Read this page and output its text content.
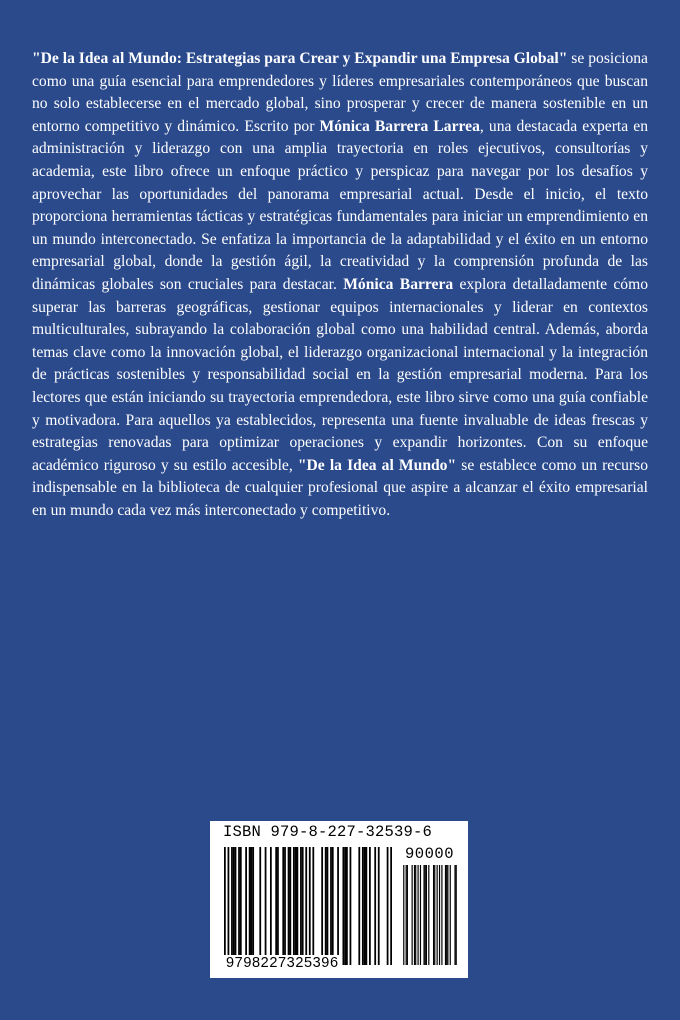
"De la Idea al Mundo: Estrategias para Crear y Expandir una Empresa Global" se posiciona como una guía esencial para emprendedores y líderes empresariales contemporáneos que buscan no solo establecerse en el mercado global, sino prosperar y crecer de manera sostenible en un entorno competitivo y dinámico. Escrito por Mónica Barrera Larrea, una destacada experta en administración y liderazgo con una amplia trayectoria en roles ejecutivos, consultorías y academia, este libro ofrece un enfoque práctico y perspicaz para navegar por los desafíos y aprovechar las oportunidades del panorama empresarial actual. Desde el inicio, el texto proporciona herramientas tácticas y estratégicas fundamentales para iniciar un emprendimiento en un mundo interconectado. Se enfatiza la importancia de la adaptabilidad y el éxito en un entorno empresarial global, donde la gestión ágil, la creatividad y la comprensión profunda de las dinámicas globales son cruciales para destacar. Mónica Barrera explora detalladamente cómo superar las barreras geográficas, gestionar equipos internacionales y liderar en contextos multiculturales, subrayando la colaboración global como una habilidad central. Además, aborda temas clave como la innovación global, el liderazgo organizacional internacional y la integración de prácticas sostenibles y responsabilidad social en la gestión empresarial moderna. Para los lectores que están iniciando su trayectoria emprendedora, este libro sirve como una guía confiable y motivadora. Para aquellos ya establecidos, representa una fuente invaluable de ideas frescas y estrategias renovadas para optimizar operaciones y expandir horizontes. Con su enfoque académico riguroso y su estilo accesible, "De la Idea al Mundo" se establece como un recurso indispensable en la biblioteca de cualquier profesional que aspire a alcanzar el éxito empresarial en un mundo cada vez más interconectado y competitivo.

ISBN 979-8-227-32539-6
90000
9798227325396
